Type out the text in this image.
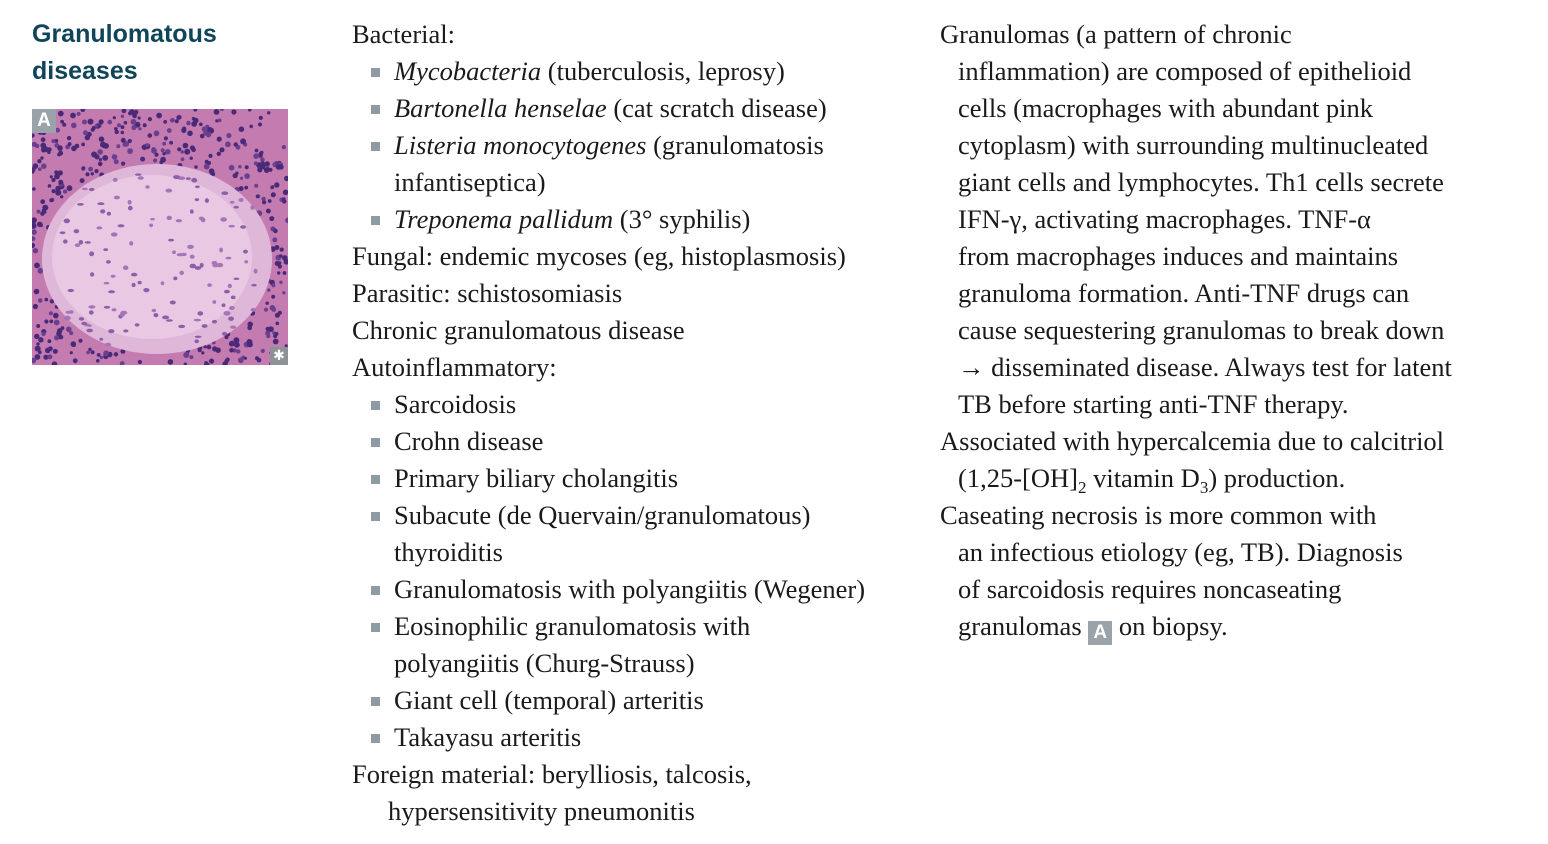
Granulomatous
diseases
A
✱
Bacterial:
Mycobacteria (tuberculosis, leprosy)
Bartonella henselae (cat scratch disease)
Listeria monocytogenes (granulomatosis
infantiseptica)
Treponema pallidum (3° syphilis)
Fungal: endemic mycoses (eg, histoplasmosis)
Parasitic: schistosomiasis
Chronic granulomatous disease
Autoinflammatory:
Sarcoidosis
Crohn disease
Primary biliary cholangitis
Subacute (de Quervain/granulomatous)
thyroiditis
Granulomatosis with polyangiitis (Wegener)
Eosinophilic granulomatosis with
polyangiitis (Churg-Strauss)
Giant cell (temporal) arteritis
Takayasu arteritis
Foreign material: berylliosis, talcosis,
hypersensitivity pneumonitis
Granulomas (a pattern of chronic
inflammation) are composed of epithelioid
cells (macrophages with abundant pink
cytoplasm) with surrounding multinucleated
giant cells and lymphocytes. Th1 cells secrete
IFN-γ, activating macrophages. TNF-α
from macrophages induces and maintains
granuloma formation. Anti-TNF drugs can
cause sequestering granulomas to break down
→ disseminated disease. Always test for latent
TB before starting anti-TNF therapy.
Associated with hypercalcemia due to calcitriol
($1,25-[OH]_2$ vitamin $D_3$) production.
Caseating necrosis is more common with
an infectious etiology (eg, TB). Diagnosis
of sarcoidosis requires noncaseating
granulomas A on biopsy.
